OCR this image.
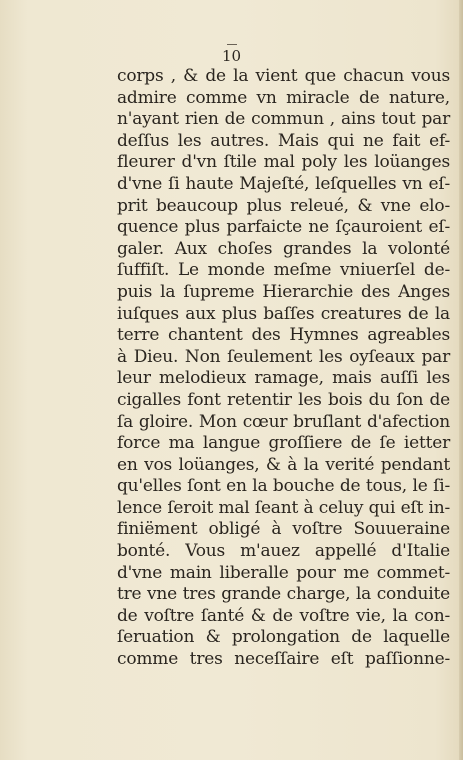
10
corps , & de la vient que chacun vous
admire comme vn miracle de nature,
n'ayant rien de commun , ains tout par
deſſus les autres. Mais qui ne fait ef-
fleurer d'vn ſtile mal poly les loüanges
d'vne ſi haute Majeſté, leſquelles vn eſ-
prit beaucoup plus releué, & vne elo-
quence plus parfaicte ne ſçauroient eſ-
galer. Aux choſes grandes la volonté
ſuffiſt. Le monde meſme vniuerſel de-
puis la ſupreme Hierarchie des Anges
iuſques aux plus baſſes creatures de la
terre chantent des Hymnes agreables
à Dieu. Non ſeulement les oyſeaux par
leur melodieux ramage, mais auſſi les
cigalles font retentir les bois du ſon de
ſa gloire. Mon cœur bruſlant d'afection
force ma langue groſſiere de ſe ietter
en vos loüanges, & à la verité pendant
qu'elles ſont en la bouche de tous, le ſi-
lence ſeroit mal ſeant à celuy qui eſt in-
finiëment obligé à voſtre Souueraine
bonté. Vous m'auez appellé d'Italie
d'vne main liberalle pour me commet-
tre vne tres grande charge, la conduite
de voſtre ſanté & de voſtre vie, la con-
ſeruation & prolongation de laquelle
comme tres neceſſaire eſt paſſionne-
